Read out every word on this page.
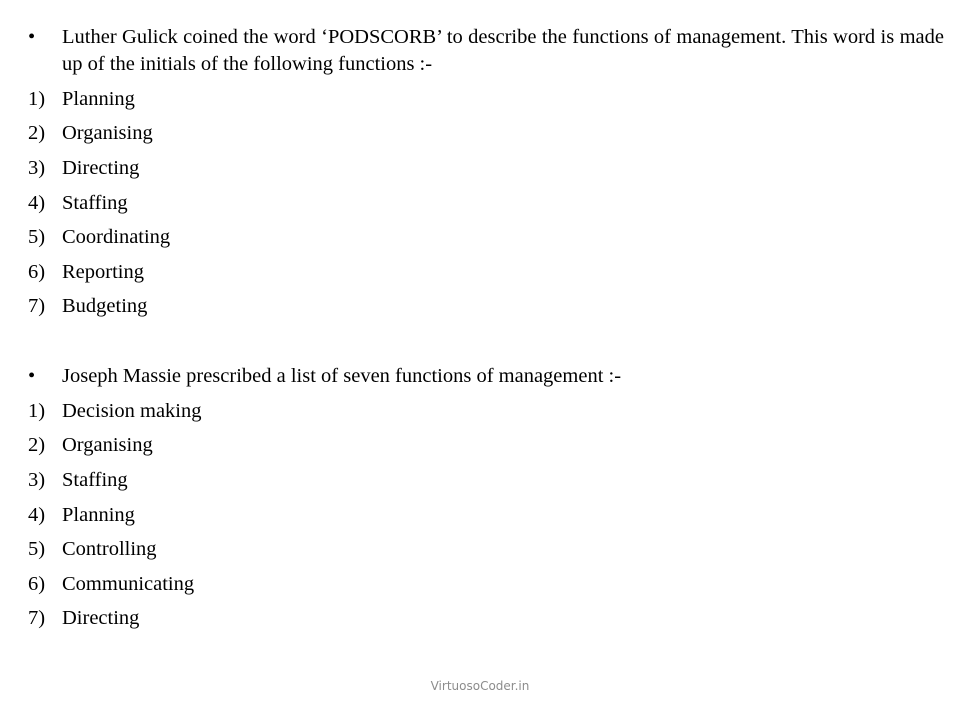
•	Luther Gulick coined the word ‘PODSCORB’ to describe the functions of management. This word is made up of the initials of the following functions :-
1) Planning
2) Organising
3) Directing
4) Staffing
5) Coordinating
6) Reporting
7) Budgeting
•	Joseph Massie prescribed a list of seven functions of management :-
1) Decision making
2) Organising
3) Staffing
4) Planning
5) Controlling
6) Communicating
7) Directing
VirtuosoCoder.in
